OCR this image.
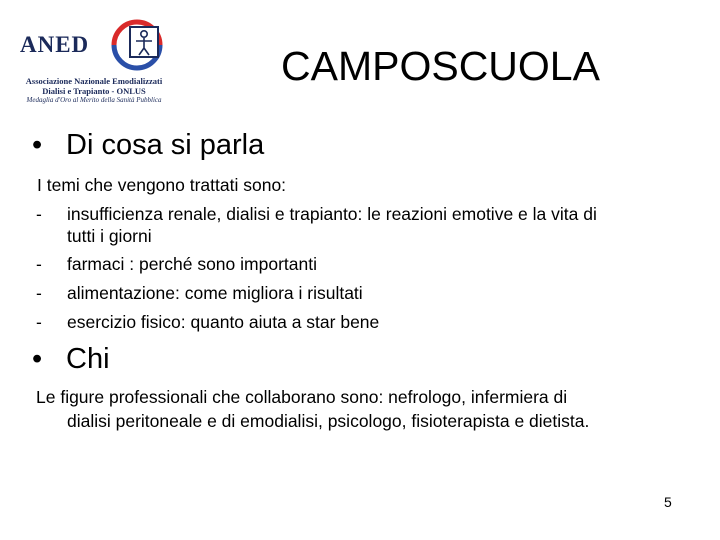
ANED
Associazione Nazionale Emodializzati
Dialisi e Trapianto - ONLUS
Medaglia d'Oro al Merito della Sanità Pubblica
CAMPOSCUOLA
• Di cosa si parla
I temi che vengono trattati sono:
- insufficienza renale, dialisi e trapianto: le reazioni emotive e la vita di
tutti i giorni
- farmaci : perché sono importanti
- alimentazione: come migliora i risultati
- esercizio fisico: quanto aiuta a star bene
• Chi
Le figure professionali che collaborano sono: nefrologo, infermiera di
dialisi peritoneale e di emodialisi, psicologo, fisioterapista e dietista.
5
